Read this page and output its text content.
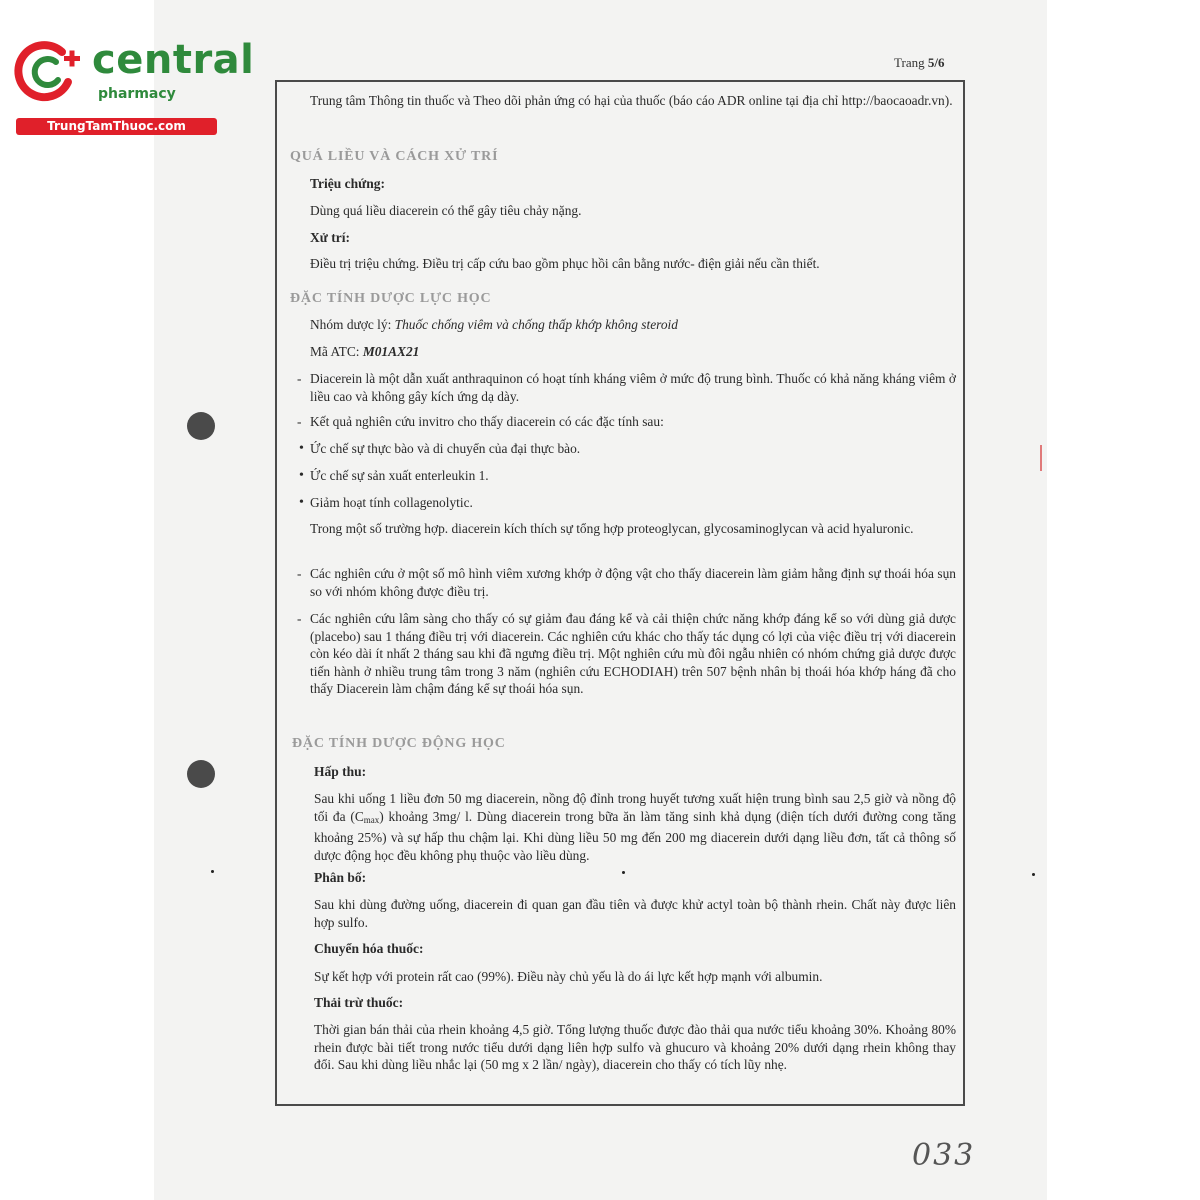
central
pharmacy
TrungTamThuoc.com
Trang 5/6
Trung tâm Thông tin thuốc và Theo dõi phản ứng có hại của thuốc (báo cáo ADR online tại địa chỉ http://baocaoadr.vn).
QUÁ LIỀU VÀ CÁCH XỬ TRÍ
Triệu chứng:
Dùng quá liều diacerein có thể gây tiêu chảy nặng.
Xử trí:
Điều trị triệu chứng. Điều trị cấp cứu bao gồm phục hồi cân bằng nước- điện giải nếu cần thiết.
ĐẶC TÍNH DƯỢC LỰC HỌC
Nhóm dược lý: Thuốc chống viêm và chống thấp khớp không steroid
Mã ATC: M01AX21
- Diacerein là một dẫn xuất anthraquinon có hoạt tính kháng viêm ở mức độ trung bình. Thuốc có khả năng kháng viêm ở liều cao và không gây kích ứng dạ dày.
- Kết quả nghiên cứu invitro cho thấy diacerein có các đặc tính sau:
• Ức chế sự thực bào và di chuyển của đại thực bào.
• Ức chế sự sản xuất enterleukin 1.
• Giảm hoạt tính collagenolytic.
Trong một số trường hợp. diacerein kích thích sự tổng hợp proteoglycan, glycosaminoglycan và acid hyaluronic.
- Các nghiên cứu ở một số mô hình viêm xương khớp ở động vật cho thấy diacerein làm giảm hằng định sự thoái hóa sụn so với nhóm không được điều trị.
- Các nghiên cứu lâm sàng cho thấy có sự giảm đau đáng kể và cải thiện chức năng khớp đáng kể so với dùng giả dược (placebo) sau 1 tháng điều trị với diacerein. Các nghiên cứu khác cho thấy tác dụng có lợi của việc điều trị với diacerein còn kéo dài ít nhất 2 tháng sau khi đã ngưng điều trị. Một nghiên cứu mù đôi ngẫu nhiên có nhóm chứng giả dược được tiến hành ở nhiều trung tâm trong 3 năm (nghiên cứu ECHODIAH) trên 507 bệnh nhân bị thoái hóa khớp háng đã cho thấy Diacerein làm chậm đáng kể sự thoái hóa sụn.
ĐẶC TÍNH DƯỢC ĐỘNG HỌC
Hấp thu:
Sau khi uống 1 liều đơn 50 mg diacerein, nồng độ đỉnh trong huyết tương xuất hiện trung bình sau 2,5 giờ và nồng độ tối đa $(C_{max})$ khoảng 3mg/ l. Dùng diacerein trong bữa ăn làm tăng sinh khả dụng (diện tích dưới đường cong tăng khoảng 25%) và sự hấp thu chậm lại. Khi dùng liều 50 mg đến 200 mg diacerein dưới dạng liều đơn, tất cả thông số dược động học đều không phụ thuộc vào liều dùng.
Phân bố:
Sau khi dùng đường uống, diacerein đi quan gan đầu tiên và được khử actyl toàn bộ thành rhein. Chất này được liên hợp sulfo.
Chuyển hóa thuốc:
Sự kết hợp với protein rất cao (99%). Điều này chủ yếu là do ái lực kết hợp mạnh với albumin.
Thải trừ thuốc:
Thời gian bán thải của rhein khoảng 4,5 giờ. Tổng lượng thuốc được đào thải qua nước tiểu khoảng 30%. Khoảng 80% rhein được bài tiết trong nước tiểu dưới dạng liên hợp sulfo và ghucuro và khoảng 20% dưới dạng rhein không thay đổi. Sau khi dùng liều nhắc lại (50 mg x 2 lần/ ngày), diacerein cho thấy có tích lũy nhẹ.
033
